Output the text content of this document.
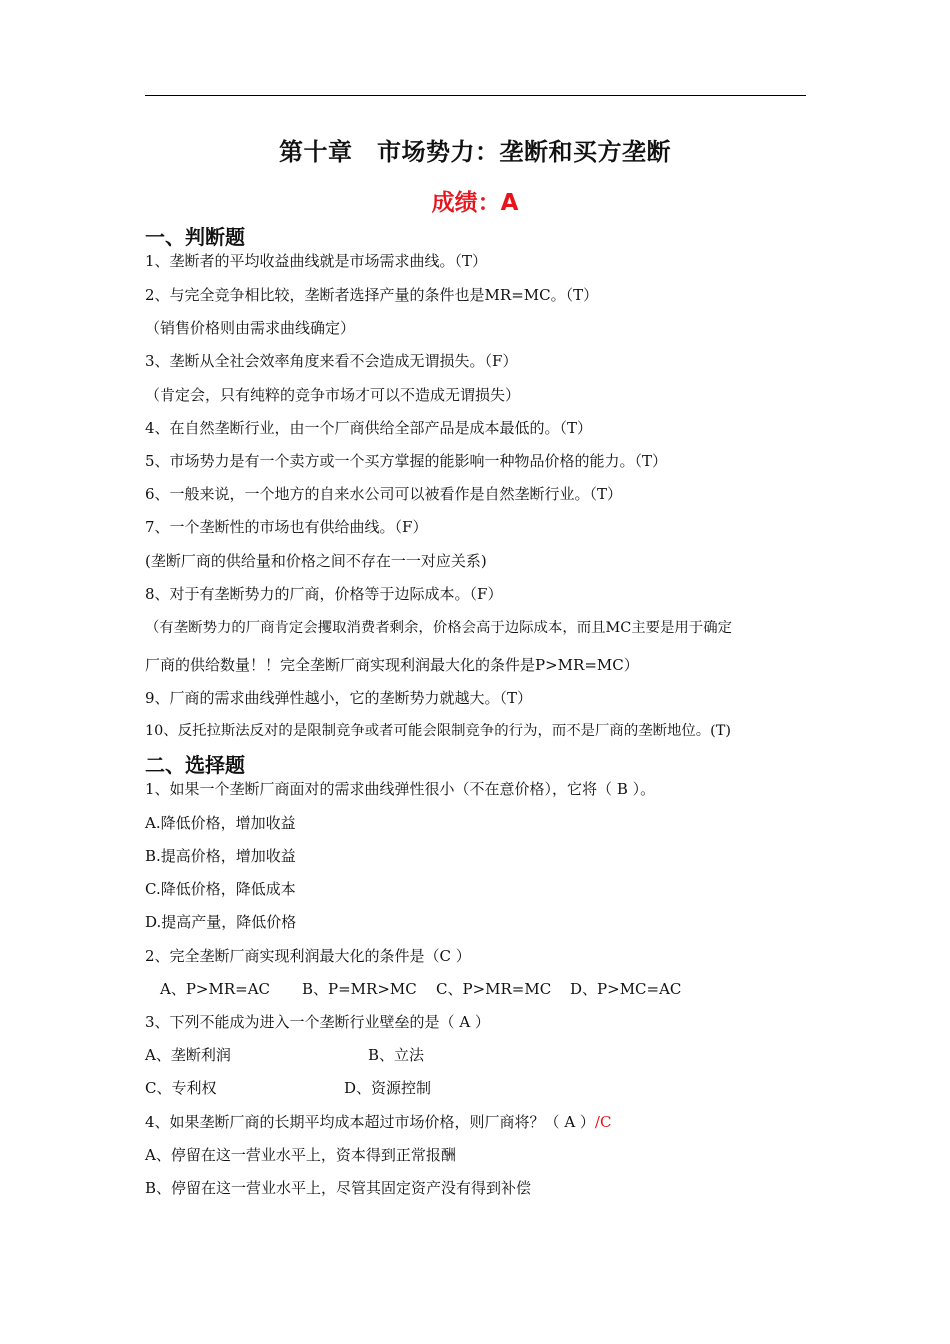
第十章　市场势力：垄断和买方垄断
成绩：A
一、判断题
1、垄断者的平均收益曲线就是市场需求曲线。（T）
2、与完全竞争相比较，垄断者选择产量的条件也是MR=MC。（T）
（销售价格则由需求曲线确定）
3、垄断从全社会效率角度来看不会造成无谓损失。（F）
（肯定会，只有纯粹的竞争市场才可以不造成无谓损失）
4、在自然垄断行业，由一个厂商供给全部产品是成本最低的。（T）
5、市场势力是有一个卖方或一个买方掌握的能影响一种物品价格的能力。（T）
6、一般来说，一个地方的自来水公司可以被看作是自然垄断行业。（T）
7、一个垄断性的市场也有供给曲线。（F）
(垄断厂商的供给量和价格之间不存在一一对应关系)
8、对于有垄断势力的厂商，价格等于边际成本。（F）
（有垄断势力的厂商肯定会攫取消费者剩余，价格会高于边际成本，而且MC主要是用于确定
厂商的供给数量！！完全垄断厂商实现利润最大化的条件是P>MR=MC）
9、厂商的需求曲线弹性越小，它的垄断势力就越大。（T）
10、反托拉斯法反对的是限制竞争或者可能会限制竞争的行为，而不是厂商的垄断地位。(T)
二、选择题
1、如果一个垄断厂商面对的需求曲线弹性很小（不在意价格），它将（ B ）。
A.降低价格，增加收益
B.提高价格，增加收益
C.降低价格，降低成本
D.提高产量，降低价格
2、完全垄断厂商实现利润最大化的条件是（C ）
A、P>MR=AC B、P=MR>MC C、P>MR=MC D、P>MC=AC
3、下列不能成为进入一个垄断行业壁垒的是（ A ）
A、垄断利润	B、立法
C、专利权	D、资源控制
4、如果垄断厂商的长期平均成本超过市场价格，则厂商将？（ A ）/C
A、停留在这一营业水平上，资本得到正常报酬
B、停留在这一营业水平上，尽管其固定资产没有得到补偿
